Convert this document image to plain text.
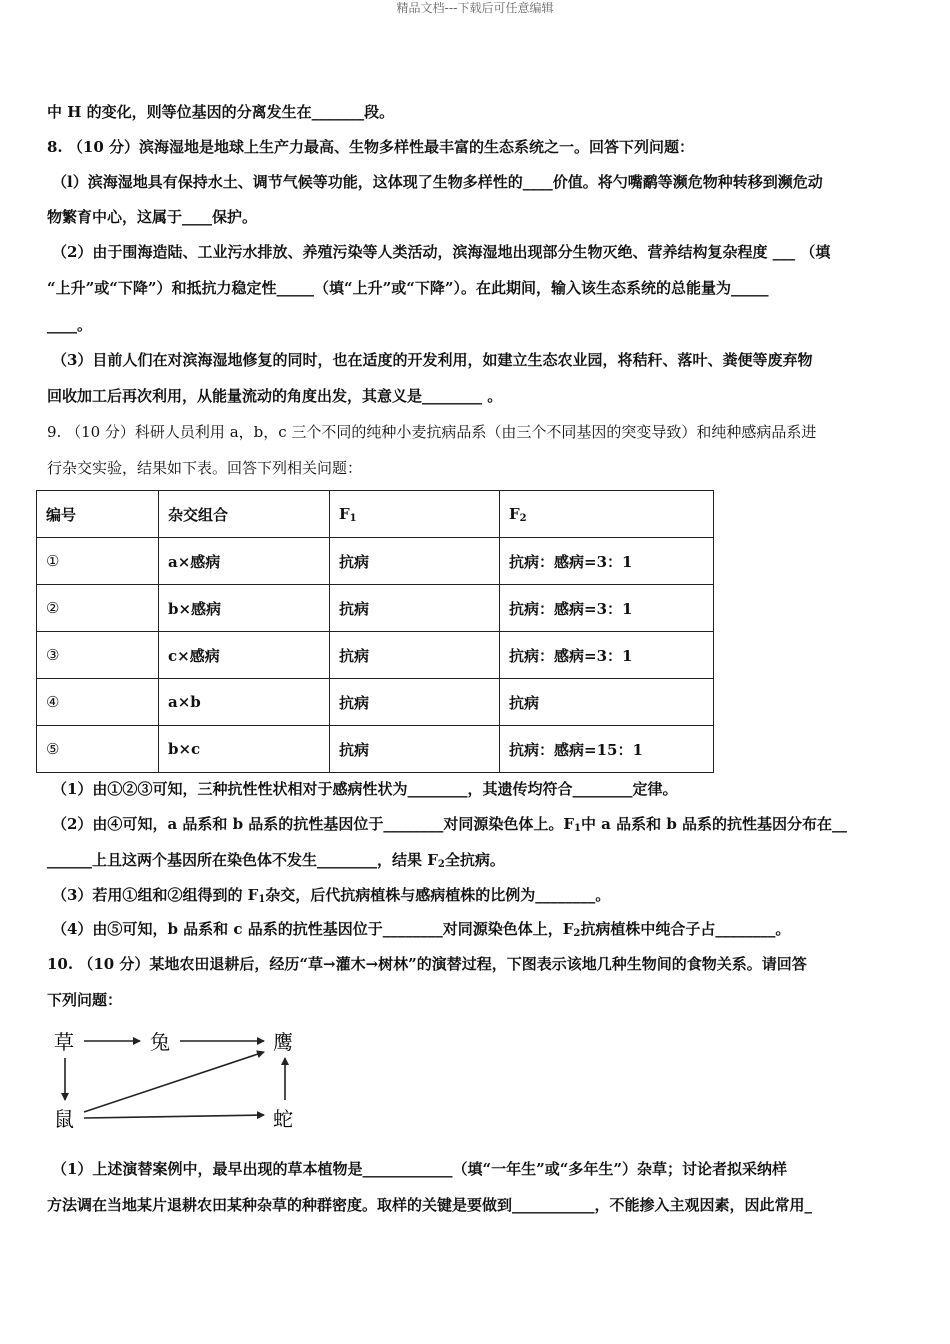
精品文档---下载后可任意编辑
中 H 的变化，则等位基因的分离发生在_______段。
8. （10 分）滨海湿地是地球上生产力最高、生物多样性最丰富的生态系统之一。回答下列问题：
（l）滨海湿地具有保持水土、调节气候等功能，这体现了生物多样性的____价值。将勺嘴鹬等濒危物种转移到濒危动
物繁育中心，这属于____保护。
（2）由于围海造陆、工业污水排放、养殖污染等人类活动，滨海湿地出现部分生物灭绝、营养结构复杂程度 ___ （填
“上升”或“下降”）和抵抗力稳定性_____（填“上升”或“下降”）。在此期间，输入该生态系统的总能量为_____
____。
（3）目前人们在对滨海湿地修复的同时，也在适度的开发利用，如建立生态农业园，将秸秆、落叶、粪便等废弃物
回收加工后再次利用，从能量流动的角度出发，其意义是________ 。
9. （10 分）科研人员利用 a，b，c 三个不同的纯种小麦抗病品系（由三个不同基因的突变导致）和纯种感病品系进
行杂交实验，结果如下表。回答下列相关问题：
编号	杂交组合	$F_1$	$F_2$
①	a×感病	抗病	抗病：感病=3：1
②	b×感病	抗病	抗病：感病=3：1
③	c×感病	抗病	抗病：感病=3：1
④	a×b	抗病	抗病
⑤	b×c	抗病	抗病：感病=15：1
（1）由①②③可知，三种抗性性状相对于感病性状为________，其遗传均符合________定律。
（2）由④可知，a 品系和 b 品系的抗性基因位于________对同源染色体上。$F_1$中 a 品系和 b 品系的抗性基因分布在__
______上且这两个基因所在染色体不发生________，结果 $F_2$全抗病。
（3）若用①组和②组得到的 $F_1$杂交，后代抗病植株与感病植株的比例为________。
（4）由⑤可知，b 品系和 c 品系的抗性基因位于________对同源染色体上，$F_2$抗病植株中纯合子占________。
10. （10 分）某地农田退耕后，经历“草→灌木→树林”的演替过程，下图表示该地几种生物间的食物关系。请回答
下列问题：
草	兔	鹰
鼠	蛇
（1）上述演替案例中，最早出现的草本植物是____________（填“一年生”或“多年生”）杂草；讨论者拟采纳样
方法调在当地某片退耕农田某种杂草的种群密度。取样的关键是要做到___________，不能掺入主观因素，因此常用_
